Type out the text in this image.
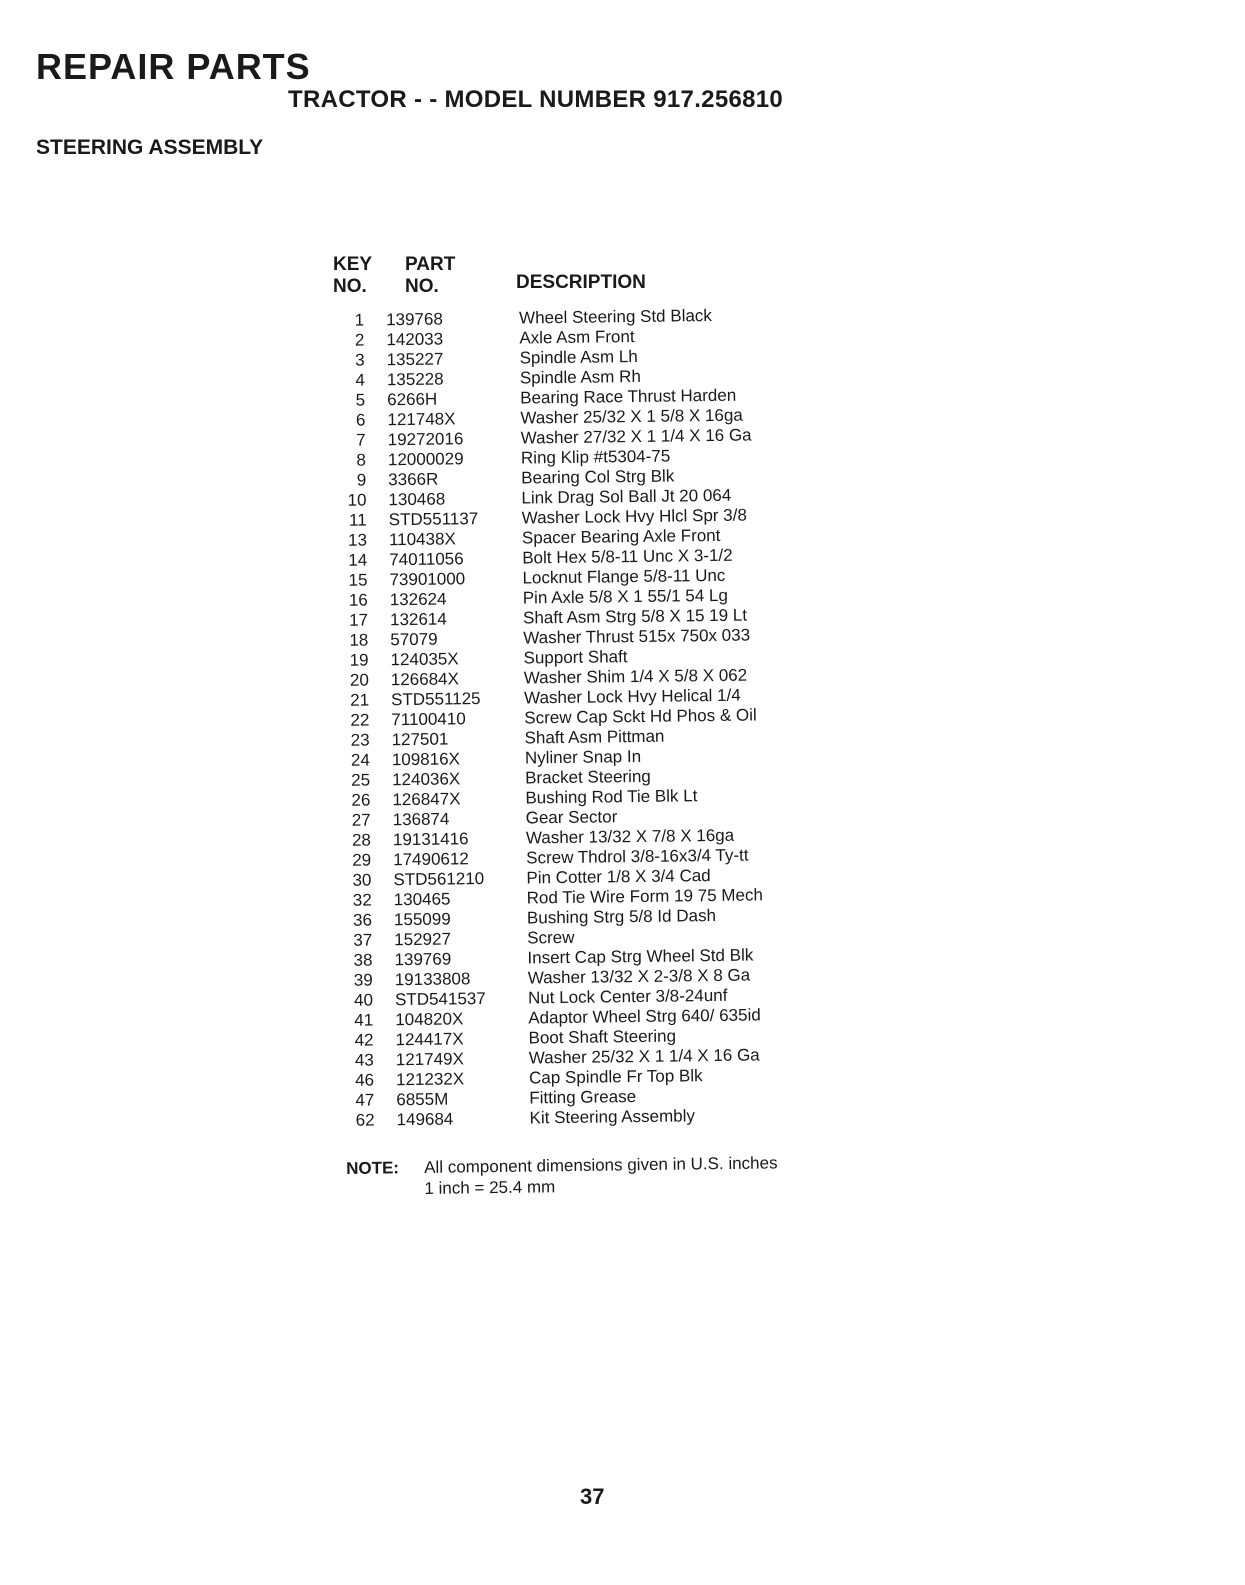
REPAIR PARTS
TRACTOR - - MODEL NUMBER 917.256810
STEERING ASSEMBLY
KEY
NO.
PART
NO.	DESCRIPTION
1	139768	Wheel Steering Std Black
2	142033	Axle Asm Front
3	135227	Spindle Asm Lh
4	135228	Spindle Asm Rh
5	6266H	Bearing Race Thrust Harden
6	121748X	Washer 25/32 X 1 5/8 X 16ga
7	19272016	Washer 27/32 X 1 1/4 X 16 Ga
8	12000029	Ring Klip #t5304-75
9	3366R	Bearing Col Strg Blk
10	130468	Link Drag Sol Ball Jt 20 064
11	STD551137	Washer Lock Hvy Hlcl Spr 3/8
13	110438X	Spacer Bearing Axle Front
14	74011056	Bolt Hex 5/8-11 Unc X 3-1/2
15	73901000	Locknut Flange 5/8-11 Unc
16	132624	Pin Axle 5/8 X 1 55/1 54 Lg
17	132614	Shaft Asm Strg 5/8 X 15 19 Lt
18	57079	Washer Thrust 515x 750x 033
19	124035X	Support Shaft
20	126684X	Washer Shim 1/4 X 5/8 X 062
21	STD551125	Washer Lock Hvy Helical 1/4
22	71100410	Screw Cap Sckt Hd Phos & Oil
23	127501	Shaft Asm Pittman
24	109816X	Nyliner Snap In
25	124036X	Bracket Steering
26	126847X	Bushing Rod Tie Blk Lt
27	136874	Gear Sector
28	19131416	Washer 13/32 X 7/8 X 16ga
29	17490612	Screw Thdrol 3/8-16x3/4 Ty-tt
30	STD561210	Pin Cotter 1/8 X 3/4 Cad
32	130465	Rod Tie Wire Form 19 75 Mech
36	155099	Bushing Strg 5/8 Id Dash
37	152927	Screw
38	139769	Insert Cap Strg Wheel Std Blk
39	19133808	Washer 13/32 X 2-3/8 X 8 Ga
40	STD541537	Nut Lock Center 3/8-24unf
41	104820X	Adaptor Wheel Strg 640/ 635id
42	124417X	Boot Shaft Steering
43	121749X	Washer 25/32 X 1 1/4 X 16 Ga
46	121232X	Cap Spindle Fr Top Blk
47	6855M	Fitting Grease
62	149684	Kit Steering Assembly
NOTE: All component dimensions given in U.S. inches
1 inch = 25.4 mm
37
